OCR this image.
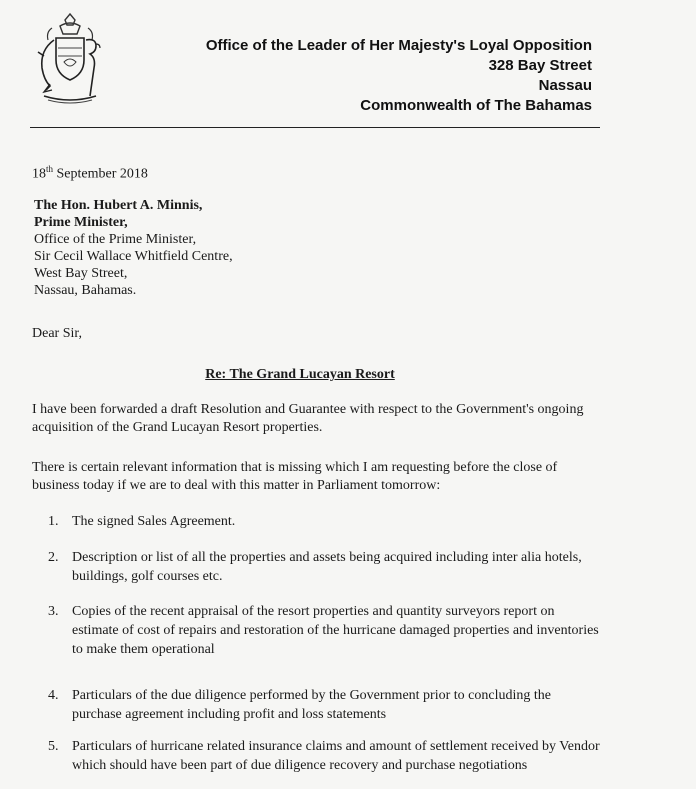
Office of the Leader of Her Majesty's Loyal Opposition
328 Bay Street
Nassau
Commonwealth of The Bahamas
18th September 2018
The Hon. Hubert A. Minnis,
Prime Minister,
Office of the Prime Minister,
Sir Cecil Wallace Whitfield Centre,
West Bay Street,
Nassau, Bahamas.
Dear Sir,
Re: The Grand Lucayan Resort
I have been forwarded a draft Resolution and Guarantee with respect to the Government's ongoing acquisition of the Grand Lucayan Resort properties.
There is certain relevant information that is missing which I am requesting before the close of business today if we are to deal with this matter in Parliament tomorrow:
1. The signed Sales Agreement.
2. Description or list of all the properties and assets being acquired including inter alia hotels, buildings, golf courses etc.
3. Copies of the recent appraisal of the resort properties and quantity surveyors report on estimate of cost of repairs and restoration of the hurricane damaged properties and inventories to make them operational
4. Particulars of the due diligence performed by the Government prior to concluding the purchase agreement including profit and loss statements
5. Particulars of hurricane related insurance claims and amount of settlement received by Vendor which should have been part of due diligence recovery and purchase negotiations
